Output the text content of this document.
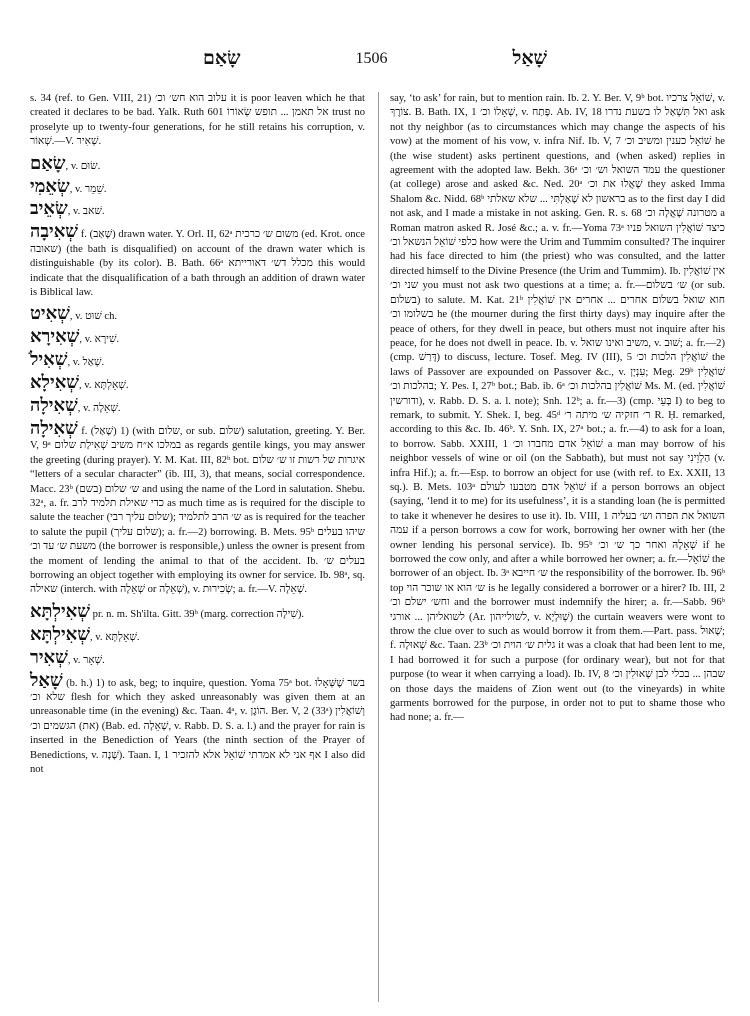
שָׂאַם	1506	שָׁאַל

s. 34 (ref. to Gen. VIII, 21) עלוב הוא חש׳ וכ׳ it is poor leaven which he that created it declares to be bad. Yalk. Ruth 601 אל תאמן ... תופש שְׂאוֹרוֹ trust no proselyte up to twenty-four generations, for he still retains his corruption, v. שְׁאוֹר.—V. שְׁאִיר.

שָׂאַם, v. שׂוּם.

שְׂאֵמִי, v. שֵׁמֵר.

שְׂאֵיב, v. שׁאב.

שְׁאִיבָה f. (שָׁאַב) drawn water. Y. Orl. II, 62ᵃ משום ש׳ כרכית (ed. Krot. once שאובה) (the bath is disqualified) on account of the drawn water which is distinguishable (by its color). B. Bath. 66ᵃ מכלל דש׳ דאורייתא this would indicate that the disqualification of a bath through an addition of drawn water is Biblical law.

שְׁאִיט, v. שׁוּט ch.

שְׁאִירָא, v. שִׁירָא.

שְׁאִילֹ, v. שְׁאַל.

שְׁאִילָא, v. שְׁאֵלְתָּא.

שְׁאִילָה, v. שְׁאֵלָה.

שְׁאִילָה f. (שָׁאַל) 1) (with שלום, or sub. שלום) salutation, greeting. Y. Ber. V, 9ᵃ במלכו א״ח משיב שְׁאִילַת שלום as regards gentile kings, you may answer the greeting (during prayer). Y. M. Kat. III, 82ᵇ bot. איגרות של רשות זו ש׳ שלום “letters of a secular character” (ib. III, 3), that means, social correspondence. Macc. 23ᵇ (בשם) ש׳ שלום and using the name of the Lord in salutation. Shebu. 32ᵃ, a. fr. כדי שאילת תלמיד לרב as much time as is required for the disciple to salute the teacher (שלום עליך רבי); ש׳ הרב לתלמיד as is required for the teacher to salute the pupil (שלום עליך); a. fr.—2) borrowing. B. Mets. 95ᵇ שיהו בעלים משעת ש׳ עד וכ׳ (the borrower is responsible,) unless the owner is present from the moment of lending the animal to that of the accident. Ib. בעלים ש׳ borrowing an object together with employing its owner for service. Ib. 98ᵃ, sq. שאילה (interch. with שְׁאֵלָה or שְׁאֵלָה), v. שְׂכִירוּת; a. fr.—V. שְׁאֵלָה.

שְׁאִילְתָּא pr. n. m. Sh'ilta. Gitt. 39ᵇ (marg. correction שִׁילָה).

שְׁאִילְתָּא, v. שְׁאֵלְתָּא.

שְׁאִיר, v. שְׁאָר.

שָׁאַל (b. h.) 1) to ask, beg; to inquire, question. Yoma 75ᵃ bot. בשר שֶׁשְּׁאָלוּ שלא וכ׳ flesh for which they asked unreasonably was given them at an unreasonable time (in the evening) &c. Taan. 4ᵃ, v. הוֹגֶן. Ber. V, 2 (33ᵃ) וְשׁוֹאֲלִין (את) הגשמים וכ׳ (Bab. ed. שְׁאֵלָה, v. Rabb. D. S. a. l.) and the prayer for rain is inserted in the Benediction of Years (the ninth section of the Prayer of Benedictions, v. שָׁנָה). Taan. I, 1 אף אני לא אמרתי שׁוֹאֵל אלא להזכיר I also did not

say, ‘to ask’ for rain, but to mention rain. Ib. 2. Y. Ber. V, 9ᵇ bot. שׁוֹאֵל צרכיו, v. צוֹרֶךְ. B. Bath. IX, 1 שְׁאָלוֹ וכ׳, v. פָּתַח. Ab. IV, 18 ואל תִּשְׁאַל לו בשעת נדרו ask not thy neighbor (as to circumstances which may change the aspects of his vow) at the moment of his vow, v. infra Nif. Ib. V, 7 שׁוֹאֵל כענין ומשיב וכ׳ he (the wise student) asks pertinent questions, and (when asked) replies in agreement with the adopted law. Bekh. 36ᵃ עמד השואל וש׳ וכ׳ the questioner (at college) arose and asked &c. Ned. 20ᵃ שָׁאֲלוּ את וכ׳ they asked Imma Shalom &c. Nidd. 68ᵇ בראשון לא שָׁאַלְתִּי ... שלא שאלתי as to the first day I did not ask, and I made a mistake in not asking. Gen. R. s. 68 מטרונה שָׁאֲלָה וכ׳ a Roman matron asked R. José &c.; a. v. fr.—Yoma 73ᵃ כיצד שׁוֹאֲלִין השואל פניו כלפי שׁוֹאֵל הנשאל וכ׳ how were the Urim and Tummim consulted? The inquirer had his face directed to him (the priest) who was consulted, and the latter directed himself to the Divine Presence (the Urim and Tummim). Ib. אין שׁוֹאֲלִין שני וכ׳ you must not ask two questions at a time; a. fr.—ש׳ בשלום (or sub. בשלום) to salute. M. Kat. 21ᵇ חוא שואל בשלום אחרים ... אחרים אין שׁוֹאֲלִין בשלומו וכ׳ he (the mourner during the first thirty days) may inquire after the peace of others, for they dwell in peace, but others must not inquire after his peace, for he does not dwell in peace. Ib. v. משיב ואינו שואל, v. שׁוּב; a. fr.—2) (cmp. דָּרַשׁ) to discuss, lecture. Tosef. Meg. IV (III), 5 שׁוֹאֲלִין הלכות וכ׳ the laws of Passover are expounded on Passover &c., v. עִנְיָן; Meg. 29ᵇ שׁוֹאֲלִין בהלכות וכ׳; Y. Pes. I, 27ᵇ bot.; Bab. ib. 6ᵃ שׁוֹאֲלִין בהלכות וכ׳ Ms. M. (ed. שׁוֹאֲלִין ודורשין), v. Rabb. D. S. a. l. note); Snh. 12ᵇ; a. fr.—3) (cmp. בָּעֵי I) to beg to remark, to submit. Y. Shek. I, beg. 45ᵈ ר׳ חזקיה ש׳ מיתה ר׳ R. Ḥ. remarked, according to this &c. Ib. 46ᵇ. Y. Snh. IX, 27ᵃ bot.; a. fr.—4) to ask for a loan, to borrow. Sabb. XXIII, 1 שׁוֹאֵל אדם מחברו וכ׳ a man may borrow of his neighbor vessels of wine or oil (on the Sabbath), but must not say הַלְוֵינִי (v. infra Hif.); a. fr.—Esp. to borrow an object for use (with ref. to Ex. XXII, 13 sq.). B. Mets. 103ᵃ שׁוֹאֵל אדם מטבעו לעולם if a person borrows an object (saying, ‘lend it to me) for its usefulness’, it is a standing loan (he is permitted to take it whenever he desires to use it). Ib. VIII, 1 השואל את הפרה וש׳ בעליה עמה if a person borrows a cow for work, borrowing her owner with her (the owner lending his personal service). Ib. 95ᵇ שְׁאָלָהּ ואחר כך ש׳ וכ׳ if he borrowed the cow only, and after a while borrowed her owner; a. fr.—שׁוֹאֵל the borrower of an object. Ib. 3ᵃ ש׳ חייבא the responsibility of the borrower. Ib. 96ᵇ top ש׳ הוא או שוכר הוי is he legally considered a borrower or a hirer? Ib. III, 2 וחש׳ ישלם וכ׳ and the borrower must indemnify the hirer; a. fr.—Sabb. 96ᵇ לשואליהן ... אורגי (Ar. לשולייהון, v. שְׁוּלְיָא) the curtain weavers were wont to throw the clue over to such as would borrow it from them.—Part. pass. שָׁאוּל; f. שְׁאוּלָה &c. Taan. 23ᵇ גלית ש׳ הוית וכ׳ it was a cloak that had been lent to me, I had borrowed it for such a purpose (for ordinary wear), but not for that purpose (to wear it when carrying a load). Ib. IV, 8 שבהן ... בכלי לבן שְׁאוּלִין וכ׳ on those days the maidens of Zion went out (to the vineyards) in white garments borrowed for the purpose, in order not to put to shame those who had none; a. fr.—
